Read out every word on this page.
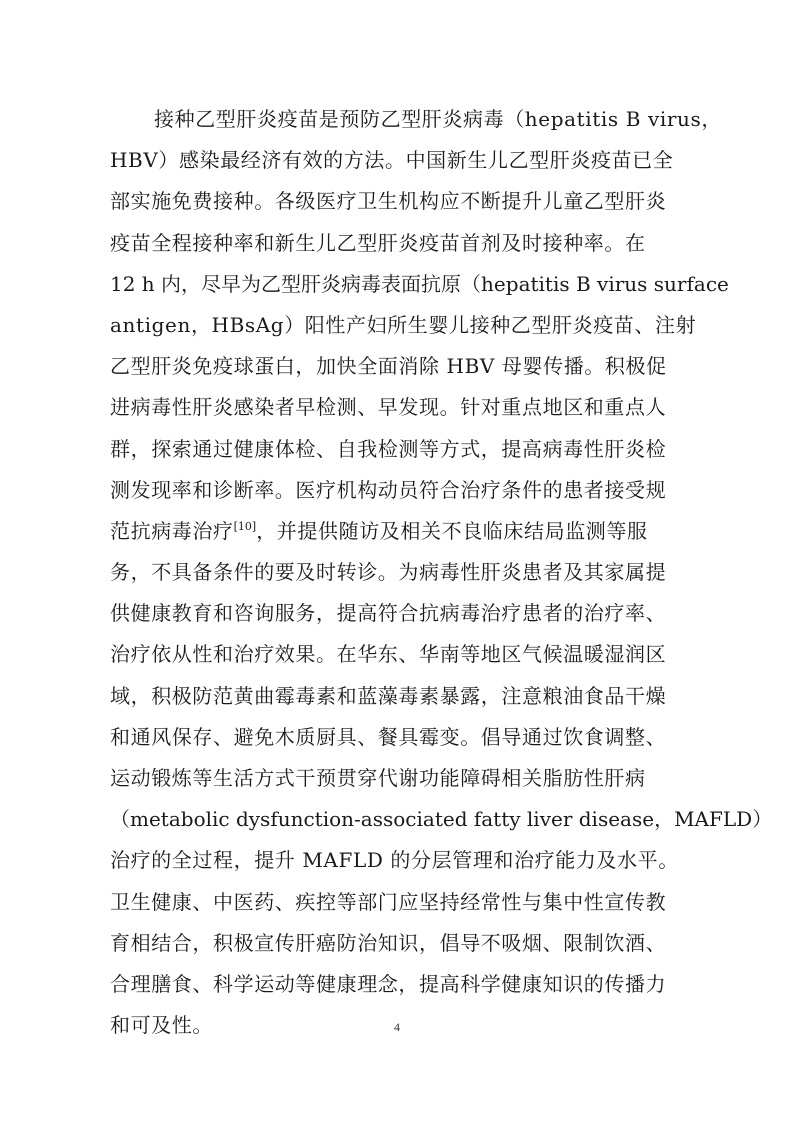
接种乙型肝炎疫苗是预防乙型肝炎病毒（hepatitis B virus，
HBV）感染最经济有效的方法。中国新生儿乙型肝炎疫苗已全
部实施免费接种。各级医疗卫生机构应不断提升儿童乙型肝炎
疫苗全程接种率和新生儿乙型肝炎疫苗首剂及时接种率。在
12 h 内，尽早为乙型肝炎病毒表面抗原（hepatitis B virus surface
antigen，HBsAg）阳性产妇所生婴儿接种乙型肝炎疫苗、注射
乙型肝炎免疫球蛋白，加快全面消除 HBV 母婴传播。积极促
进病毒性肝炎感染者早检测、早发现。针对重点地区和重点人
群，探索通过健康体检、自我检测等方式，提高病毒性肝炎检
测发现率和诊断率。医疗机构动员符合治疗条件的患者接受规
范抗病毒治疗[10]，并提供随访及相关不良临床结局监测等服
务，不具备条件的要及时转诊。为病毒性肝炎患者及其家属提
供健康教育和咨询服务，提高符合抗病毒治疗患者的治疗率、
治疗依从性和治疗效果。在华东、华南等地区气候温暖湿润区
域，积极防范黄曲霉毒素和蓝藻毒素暴露，注意粮油食品干燥
和通风保存、避免木质厨具、餐具霉变。倡导通过饮食调整、
运动锻炼等生活方式干预贯穿代谢功能障碍相关脂肪性肝病
（metabolic dysfunction-associated fatty liver disease，MAFLD）
治疗的全过程，提升 MAFLD 的分层管理和治疗能力及水平。
卫生健康、中医药、疾控等部门应坚持经常性与集中性宣传教
育相结合，积极宣传肝癌防治知识，倡导不吸烟、限制饮酒、
合理膳食、科学运动等健康理念，提高科学健康知识的传播力
和可及性。	4
